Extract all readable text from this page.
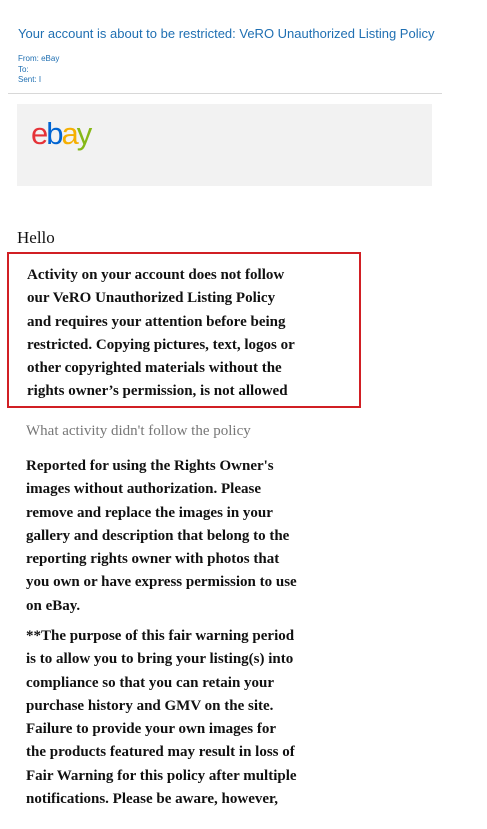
Your account is about to be restricted: VeRO Unauthorized Listing Policy
From: eBay
To:
Sent: I
ebay
Hello
Activity on your account does not follow
our VeRO Unauthorized Listing Policy
and requires your attention before being
restricted. Copying pictures, text, logos or
other copyrighted materials without the
rights owner’s permission, is not allowed
What activity didn't follow the policy
Reported for using the Rights Owner's
images without authorization. Please
remove and replace the images in your
gallery and description that belong to the
reporting rights owner with photos that
you own or have express permission to use
on eBay.
**The purpose of this fair warning period
is to allow you to bring your listing(s) into
compliance so that you can retain your
purchase history and GMV on the site.
Failure to provide your own images for
the products featured may result in loss of
Fair Warning for this policy after multiple
notifications. Please be aware, however,
